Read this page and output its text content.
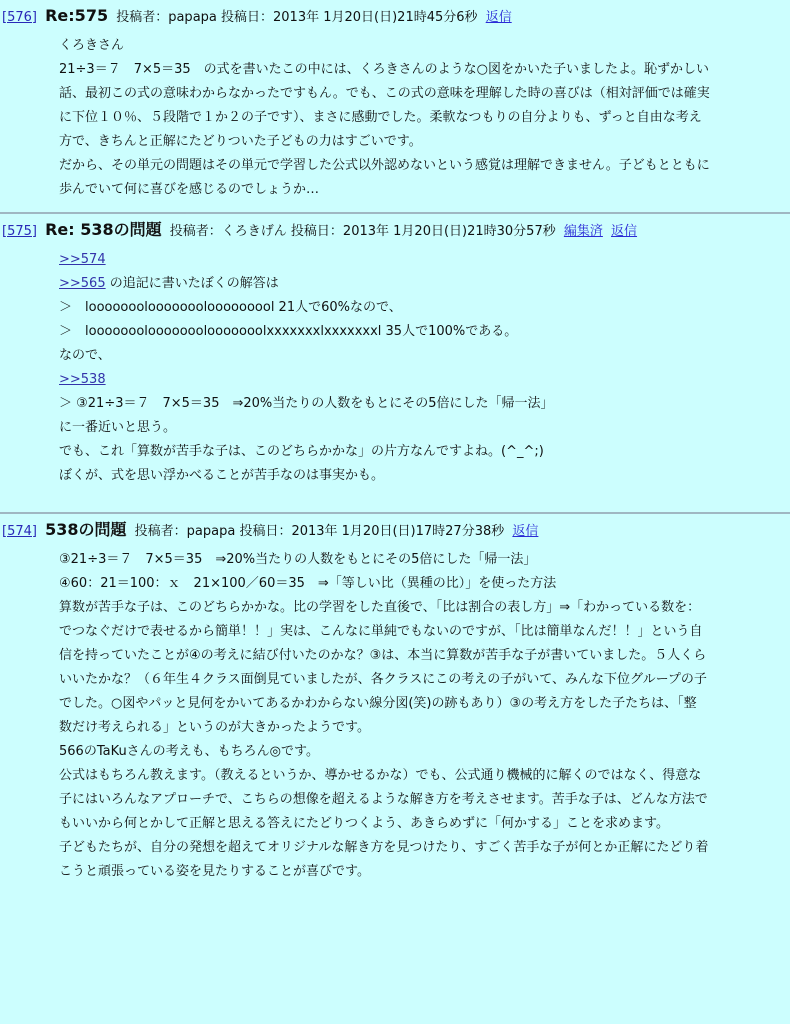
[576] Re:575 投稿者：papapa 投稿日：2013年 1月20日(日)21時45分6秒 返信

くろきさん

21÷3＝７　7×5＝35　の式を書いたこの中には、くろきさんのような○図をかいた子いましたよ。恥ずかしい
話、最初この式の意味わからなかったですもん。でも、この式の意味を理解した時の喜びは（相対評価では確実
に下位１０％、５段階で１か２の子です）、まさに感動でした。柔軟なつもりの自分よりも、ずっと自由な考え
方で、きちんと正解にたどりついた子どもの力はすごいです。

だから、その単元の問題はその単元で学習した公式以外認めないという感覚は理解できません。子どもとともに
歩んでいて何に喜びを感じるのでしょうか…

[575] Re: 538の問題 投稿者：くろきげん 投稿日：2013年 1月20日(日)21時30分57秒 編集済 返信

>>574

>>565 の追記に書いたぼくの解答は

＞　looooooolooooooolooooooool 21人で60%なので、
＞　looooooolooooooolooooooolxxxxxxxlxxxxxxxl 35人で100%である。

なので、

>>538
＞ ③21÷3＝７　7×5＝35　⇒20%当たりの人数をもとにその5倍にした「帰一法」

に一番近いと思う。
でも、これ「算数が苦手な子は、このどちらかかな」の片方なんですよね。(^_^;)
ぼくが、式を思い浮かべることが苦手なのは事実かも。

[574] 538の問題 投稿者：papapa 投稿日：2013年 1月20日(日)17時27分38秒 返信

③21÷3＝７　7×5＝35　⇒20%当たりの人数をもとにその5倍にした「帰一法」
④60：21＝100：ｘ　21×100／60＝35　⇒「等しい比（異種の比）」を使った方法

算数が苦手な子は、このどちらかかな。比の学習をした直後で、「比は割合の表し方」⇒「わかっている数を：
でつなぐだけで表せるから簡単！！」実は、こんなに単純でもないのですが、「比は簡単なんだ！！」という自
信を持っていたことが④の考えに結び付いたのかな？③は、本当に算数が苦手な子が書いていました。５人くら
いいたかな？（６年生４クラス面倒見ていましたが、各クラスにこの考えの子がいて、みんな下位グループの子
でした。○図やパッと見何をかいてあるかわからない線分図(笑)の跡もあり）③の考え方をした子たちは、「整
数だけ考えられる」というのが大きかったようです。

566のTaKuさんの考えも、もちろん◎です。

公式はもちろん教えます。（教えるというか、導かせるかな）でも、公式通り機械的に解くのではなく、得意な
子にはいろんなアプローチで、こちらの想像を超えるような解き方を考えさせます。苦手な子は、どんな方法で
もいいから何とかして正解と思える答えにたどりつくよう、あきらめずに「何かする」ことを求めます。

子どもたちが、自分の発想を超えてオリジナルな解き方を見つけたり、すごく苦手な子が何とか正解にたどり着
こうと頑張っている姿を見たりすることが喜びです。
